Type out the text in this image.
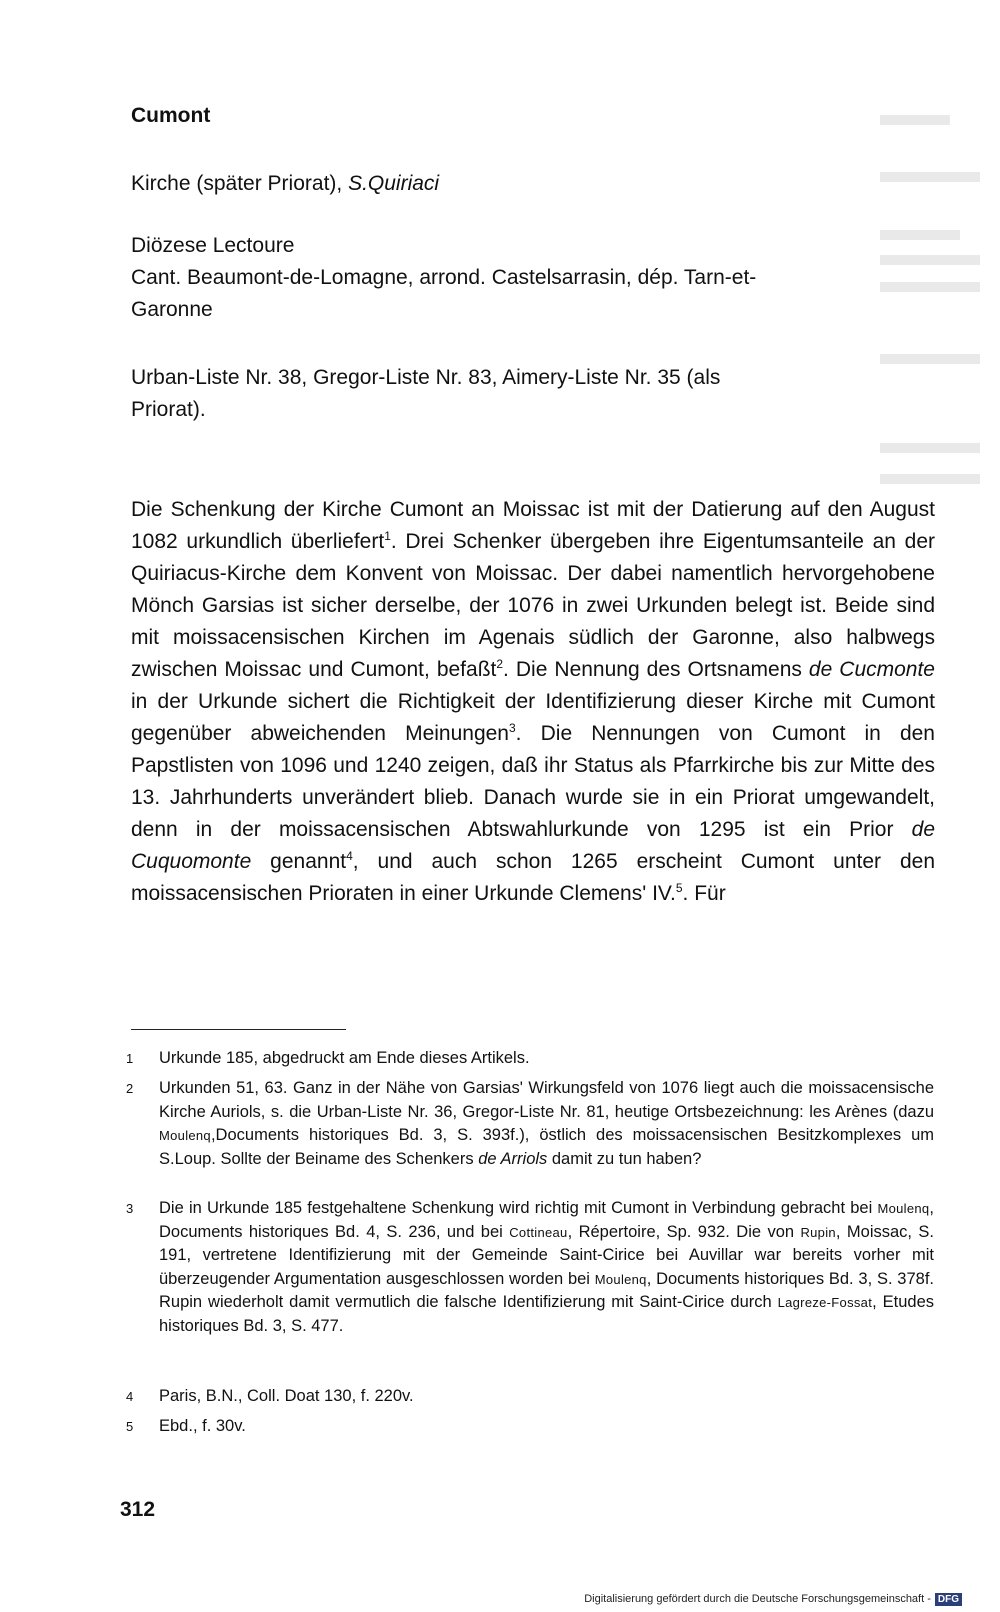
Cumont
Kirche (später Priorat), S.Quiriaci
Diözese Lectoure
Cant. Beaumont-de-Lomagne, arrond. Castelsarrasin, dép. Tarn-et-
Garonne
Urban-Liste Nr. 38, Gregor-Liste Nr. 83, Aimery-Liste Nr. 35 (als
Priorat).
Die Schenkung der Kirche Cumont an Moissac ist mit der Datierung auf den August 1082 urkundlich überliefert$^1$. Drei Schenker übergeben ihre Eigentumsanteile an der Quiriacus-Kirche dem Konvent von Moissac. Der dabei namentlich hervorgehobene Mönch Garsias ist sicher derselbe, der 1076 in zwei Urkunden belegt ist. Beide sind mit moissacensischen Kirchen im Agenais südlich der Garonne, also halbwegs zwischen Moissac und Cumont, befaßt$^2$. Die Nennung des Ortsnamens de Cucmonte in der Urkunde sichert die Richtigkeit der Identifizierung dieser Kirche mit Cumont gegenüber abweichenden Meinungen$^3$. Die Nennungen von Cumont in den Papstlisten von 1096 und 1240 zeigen, daß ihr Status als Pfarrkirche bis zur Mitte des 13. Jahrhunderts unverändert blieb. Danach wurde sie in ein Priorat umgewandelt, denn in der moissacensischen Abtswahlurkunde von 1295 ist ein Prior de Cuquomonte genannt$^4$, und auch schon 1265 erscheint Cumont unter den moissacensischen Prioraten in einer Urkunde Clemens' IV.$^5$. Für
1 Urkunde 185, abgedruckt am Ende dieses Artikels.
2 Urkunden 51, 63. Ganz in der Nähe von Garsias' Wirkungsfeld von 1076 liegt auch die moissacensische Kirche Auriols, s. die Urban-Liste Nr. 36, Gregor-Liste Nr. 81, heutige Ortsbezeichnung: les Arènes (dazu Moulenq,Documents historiques Bd. 3, S. 393f.), östlich des moissacensischen Besitzkomplexes um S.Loup. Sollte der Beiname des Schenkers de Arriols damit zu tun haben?
3 Die in Urkunde 185 festgehaltene Schenkung wird richtig mit Cumont in Verbindung gebracht bei Moulenq, Documents historiques Bd. 4, S. 236, und bei Cottineau, Répertoire, Sp. 932. Die von Rupin, Moissac, S. 191, vertretene Identifizierung mit der Gemeinde Saint-Cirice bei Auvillar war bereits vorher mit überzeugender Argumentation ausgeschlossen worden bei Moulenq, Documents historiques Bd. 3, S. 378f. Rupin wiederholt damit vermutlich die falsche Identifizierung mit Saint-Cirice durch Lagreze-Fossat, Etudes historiques Bd. 3, S. 477.
4 Paris, B.N., Coll. Doat 130, f. 220v.
5 Ebd., f. 30v.
312
Digitalisierung gefördert durch die Deutsche Forschungsgemeinschaft - DFG
